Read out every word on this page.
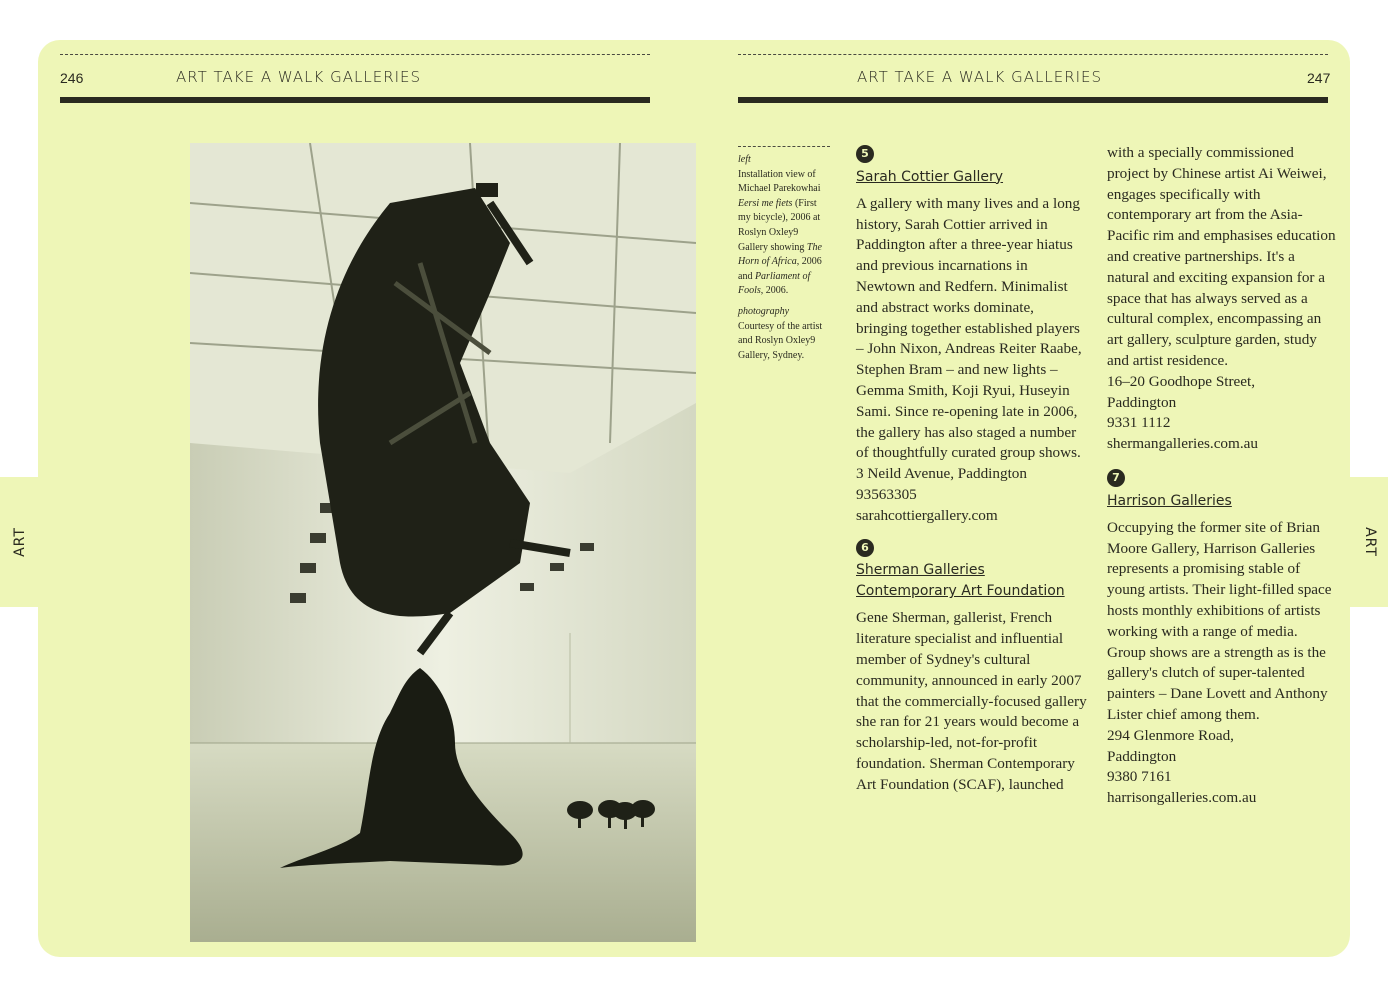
ART	ART
246	ART TAKE A WALK GALLERIES	ART TAKE A WALK GALLERIES	247

left
Installation view of Michael Parekowhai Eersi me fiets (First my bicycle), 2006 at Roslyn Oxley9 Gallery showing The Horn of Africa, 2006 and Parliament of Fools, 2006.

photography
Courtesy of the artist and Roslyn Oxley9 Gallery, Sydney.

5
Sarah Cottier Gallery

A gallery with many lives and a long history, Sarah Cottier arrived in Paddington after a three-year hiatus and previous incarnations in Newtown and Redfern. Minimalist and abstract works dominate, bringing together established players – John Nixon, Andreas Reiter Raabe, Stephen Bram – and new lights – Gemma Smith, Koji Ryui, Huseyin Sami. Since re-opening late in 2006, the gallery has also staged a number of thoughtfully curated group shows.

3 Neild Avenue, Paddington
93563305
sarahcottiergallery.com
6
Sherman Galleries
Contemporary Art Foundation

Gene Sherman, gallerist, French literature specialist and influential member of Sydney's cultural community, announced in early 2007 that the commercially-focused gallery she ran for 21 years would become a scholarship-led, not-for-profit foundation. Sherman Contemporary Art Foundation (SCAF), launched

with a specially commissioned project by Chinese artist Ai Weiwei, engages specifically with contemporary art from the Asia-Pacific rim and emphasises education and creative partnerships. It's a natural and exciting expansion for a space that has always served as a cultural complex, encompassing an art gallery, sculpture garden, study and artist residence.

16–20 Goodhope Street,
Paddington
9331 1112
shermangalleries.com.au
7
Harrison Galleries

Occupying the former site of Brian Moore Gallery, Harrison Galleries represents a promising stable of young artists. Their light-filled space hosts monthly exhibitions of artists working with a range of media. Group shows are a strength as is the gallery's clutch of super-talented painters – Dane Lovett and Anthony Lister chief among them.

294 Glenmore Road,
Paddington
9380 7161
harrisongalleries.com.au
